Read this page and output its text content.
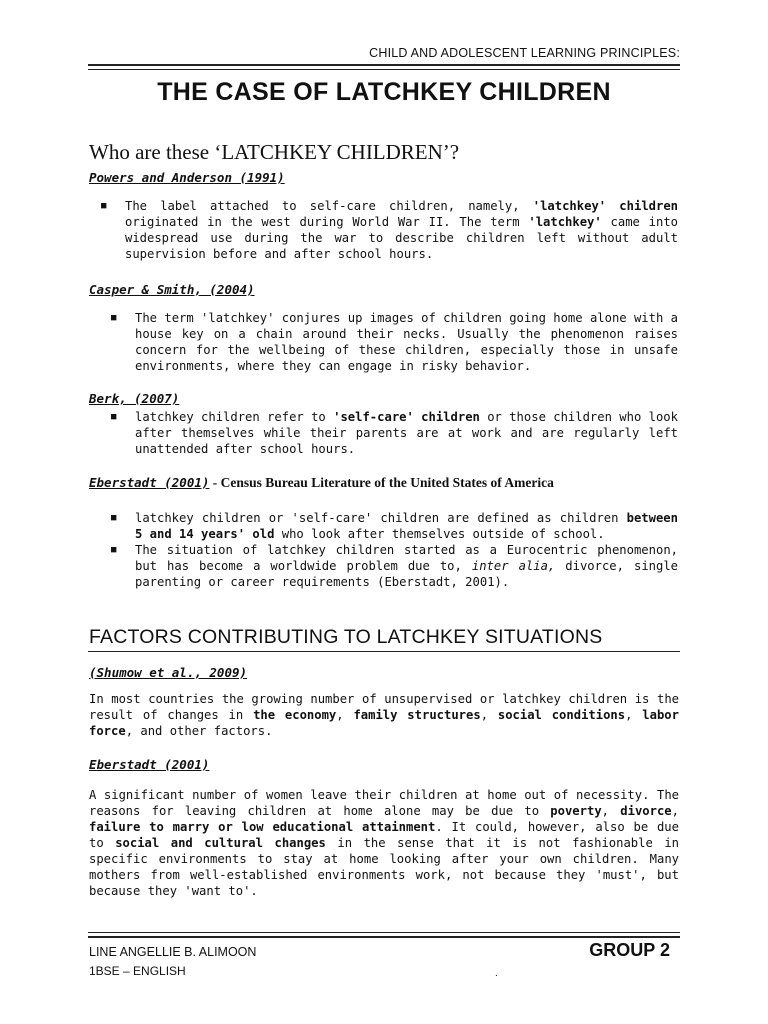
CHILD AND ADOLESCENT LEARNING PRINCIPLES:
THE CASE OF LATCHKEY CHILDREN
Who are these ‘LATCHKEY CHILDREN’?
Powers and Anderson (1991)
■ The label attached to self-care children, namely, 'latchkey' children originated in the west during World War II. The term 'latchkey' came into widespread use during the war to describe children left without adult supervision before and after school hours.
Casper & Smith, (2004)
■ The term 'latchkey' conjures up images of children going home alone with a house key on a chain around their necks. Usually the phenomenon raises concern for the wellbeing of these children, especially those in unsafe environments, where they can engage in risky behavior.
Berk, (2007)
■ latchkey children refer to 'self-care' children or those children who look after themselves while their parents are at work and are regularly left unattended after school hours.
Eberstadt (2001) - Census Bureau Literature of the United States of America
■ latchkey children or 'self-care' children are defined as children between 5 and 14 years' old who look after themselves outside of school.
■ The situation of latchkey children started as a Eurocentric phenomenon, but has become a worldwide problem due to, inter alia, divorce, single parenting or career requirements (Eberstadt, 2001).
FACTORS CONTRIBUTING TO LATCHKEY SITUATIONS
(Shumow et al., 2009)

In most countries the growing number of unsupervised or latchkey children is the result of changes in the economy, family structures, social conditions, labor force, and other factors.

Eberstadt (2001)

A significant number of women leave their children at home out of necessity. The reasons for leaving children at home alone may be due to poverty, divorce, failure to marry or low educational attainment. It could, however, also be due to social and cultural changes in the sense that it is not fashionable in specific environments to stay at home looking after your own children. Many mothers from well-established environments work, not because they 'must', but because they 'want to'.

LINE ANGELLIE B. ALIMOON
1BSE – ENGLISH
GROUP 2
.
